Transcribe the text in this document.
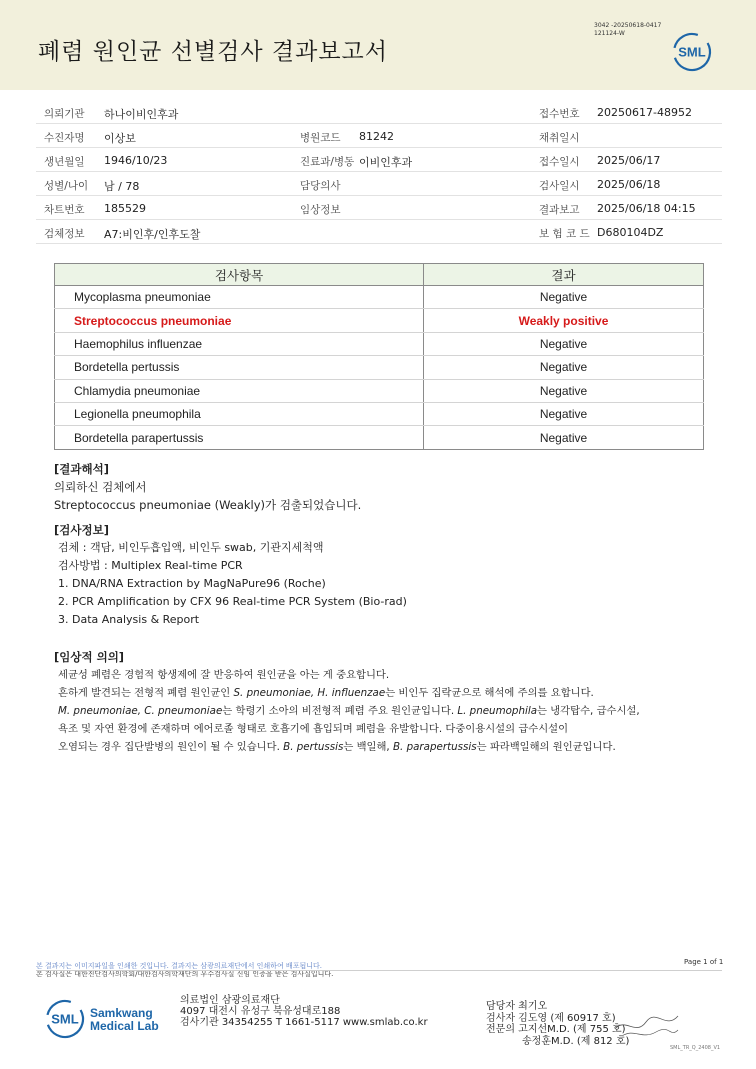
폐렴 원인균 선별검사 결과보고서
3042 -20250618-0417
121124-W
SML
의뢰기관 하나이비인후과	접수번호 20250617-48952
수진자명 이상보	병원코드 81242	채취일시
생년월일 1946/10/23	진료과/병동 이비인후과	접수일시 2025/06/17
성별/나이 남 / 78	담당의사	검사일시 2025/06/18
차트번호 185529	임상정보	결과보고 2025/06/18 04:15
검체정보 A7:비인후/인후도찰	보 험 코 드 D680104DZ
검사항목	결과
Mycoplasma pneumoniae	Negative
Streptococcus pneumoniae	Weakly positive
Haemophilus influenzae	Negative
Bordetella pertussis	Negative
Chlamydia pneumoniae	Negative
Legionella pneumophila	Negative
Bordetella parapertussis	Negative
[결과해석]
의뢰하신 검체에서
Streptococcus pneumoniae (Weakly)가 검출되었습니다.
[검사정보]
검체 : 객담, 비인두흡입액, 비인두 swab, 기관지세척액
검사방법 : Multiplex Real-time PCR
1. DNA/RNA Extraction by MagNaPure96 (Roche)
2. PCR Amplification by CFX 96 Real-time PCR System (Bio-rad)
3. Data Analysis & Report
[임상적 의의]
세균성 폐렴은 경험적 항생제에 잘 반응하여 원인균을 아는 게 중요합니다.
흔하게 발견되는 전형적 폐렴 원인균인 S. pneumoniae, H. influenzae는 비인두 집락균으로 해석에 주의를 요합니다.
M. pneumoniae, C. pneumoniae는 학령기 소아의 비전형적 폐렴 주요 원인균입니다. L. pneumophila는 냉각탑수, 급수시설,
욕조 및 자연 환경에 존재하며 에어로졸 형태로 호흡기에 흡입되며 폐렴을 유발합니다. 다중이용시설의 급수시설이
오염되는 경우 집단발병의 원인이 될 수 있습니다. B. pertussis는 백일해, B. parapertussis는 파라백일해의 원인균입니다.
Page 1 of 1
본 결과지는 이미지파일을 인쇄한 것입니다. 결과지는 삼광의료재단에서 인쇄하여 배포됩니다.
본 검사실은 대한진단검사의학회/대한검사의학재단의 우수검사실 신임 인증을 받은 검사실입니다.
SML Samkwang
Medical Lab
의료법인 삼광의료재단
4097 대전시 유성구 북유성대로188
검사기관 34354255 T 1661-5117 www.smlab.co.kr
담당자 최기오
검사자 김도영 (제 60917 호)
전문의 고지선M.D. (제 755 호)
송정훈M.D. (제 812 호)
SML_TR_Q_2408_V1
